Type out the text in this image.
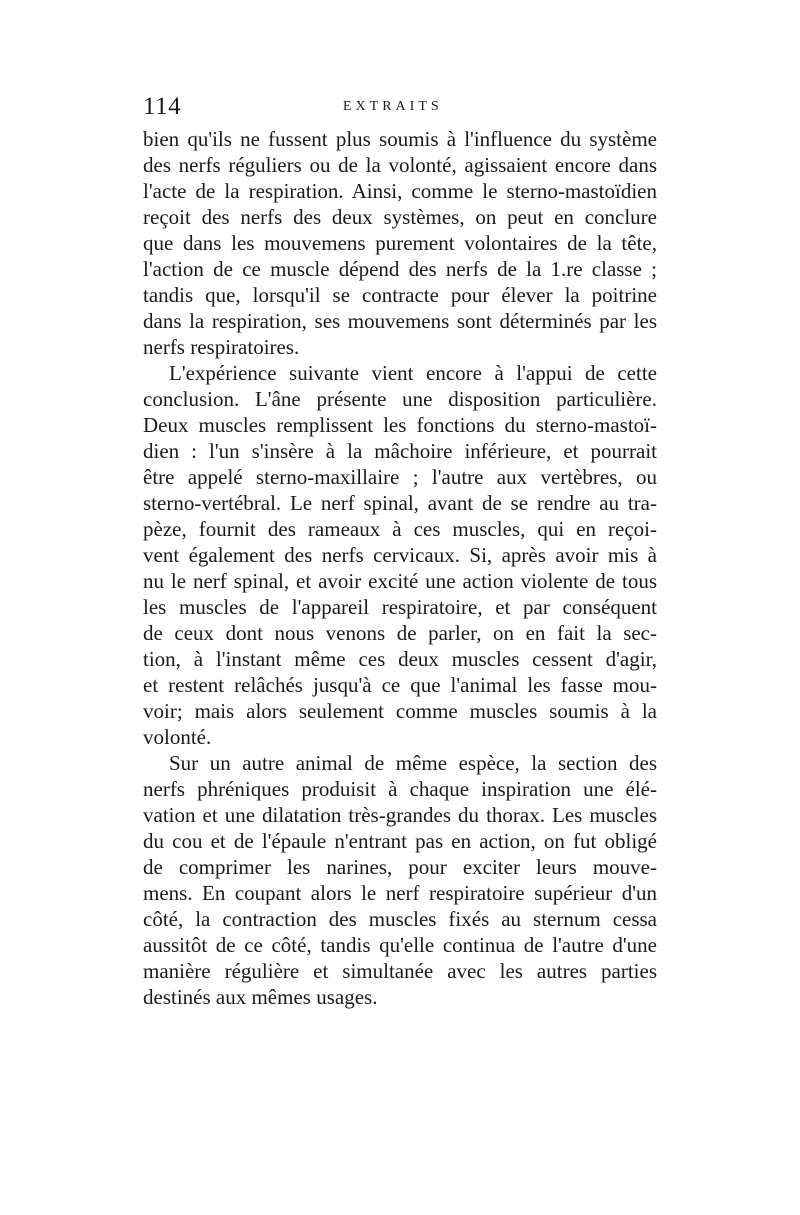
114	EXTRAITS
bien qu'ils ne fussent plus soumis à l'influence du système
des nerfs réguliers ou de la volonté, agissaient encore dans
l'acte de la respiration. Ainsi, comme le sterno-mastoïdien
reçoit des nerfs des deux systèmes, on peut en conclure
que dans les mouvemens purement volontaires de la tête,
l'action de ce muscle dépend des nerfs de la 1.re classe ;
tandis que, lorsqu'il se contracte pour élever la poitrine
dans la respiration, ses mouvemens sont déterminés par les
nerfs respiratoires.
L'expérience suivante vient encore à l'appui de cette
conclusion. L'âne présente une disposition particulière.
Deux muscles remplissent les fonctions du sterno-mastoï-
dien : l'un s'insère à la mâchoire inférieure, et pourrait
être appelé sterno-maxillaire ; l'autre aux vertèbres, ou
sterno-vertébral. Le nerf spinal, avant de se rendre au tra-
pèze, fournit des rameaux à ces muscles, qui en reçoi-
vent également des nerfs cervicaux. Si, après avoir mis à
nu le nerf spinal, et avoir excité une action violente de tous
les muscles de l'appareil respiratoire, et par conséquent
de ceux dont nous venons de parler, on en fait la sec-
tion, à l'instant même ces deux muscles cessent d'agir,
et restent relâchés jusqu'à ce que l'animal les fasse mou-
voir; mais alors seulement comme muscles soumis à la
volonté.
Sur un autre animal de même espèce, la section des
nerfs phréniques produisit à chaque inspiration une élé-
vation et une dilatation très-grandes du thorax. Les muscles
du cou et de l'épaule n'entrant pas en action, on fut obligé
de comprimer les narines, pour exciter leurs mouve-
mens. En coupant alors le nerf respiratoire supérieur d'un
côté, la contraction des muscles fixés au sternum cessa
aussitôt de ce côté, tandis qu'elle continua de l'autre d'une
manière régulière et simultanée avec les autres parties
destinés aux mêmes usages.
